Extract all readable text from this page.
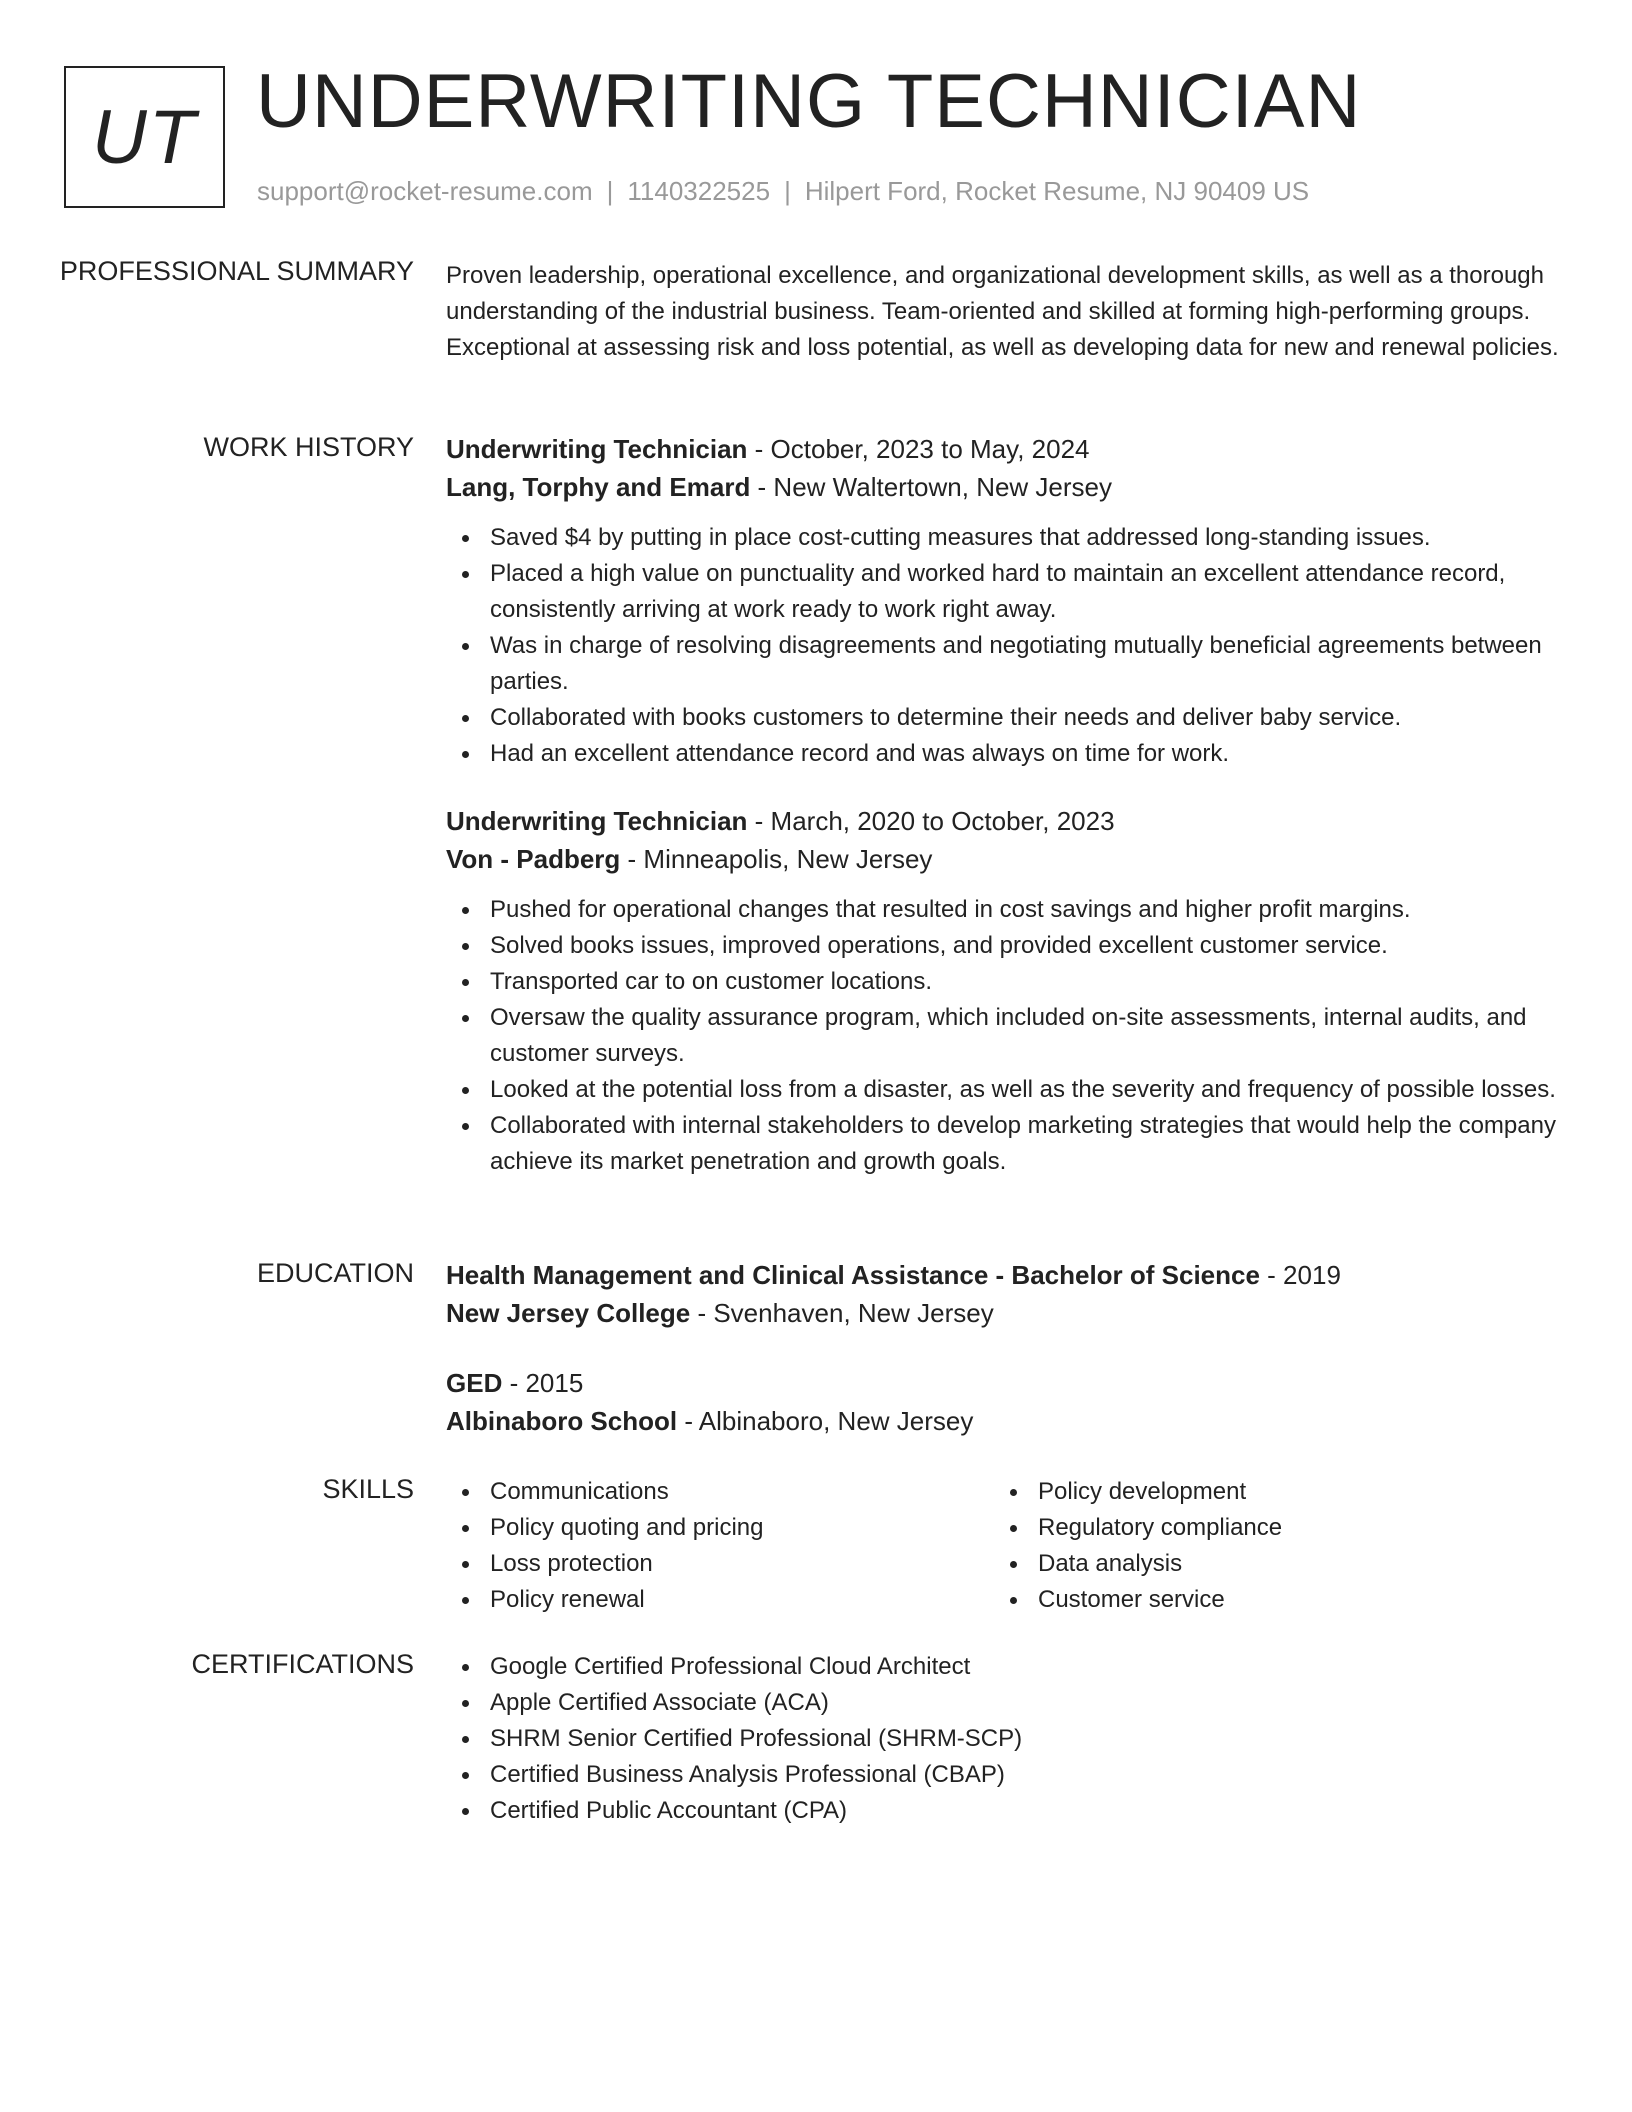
UT UNDERWRITING TECHNICIAN
support@rocket-resume.com | 1140322525 | Hilpert Ford, Rocket Resume, NJ 90409 US
PROFESSIONAL SUMMARY Proven leadership, operational excellence, and organizational development skills, as well as a thorough understanding of the industrial business. Team-oriented and skilled at forming high-performing groups. Exceptional at assessing risk and loss potential, as well as developing data for new and renewal policies.

WORK HISTORY Underwriting Technician - October, 2023 to May, 2024
Lang, Torphy and Emard - New Waltertown, New Jersey
Saved $4 by putting in place cost-cutting measures that addressed long-standing issues.
Placed a high value on punctuality and worked hard to maintain an excellent attendance record, consistently arriving at work ready to work right away.
Was in charge of resolving disagreements and negotiating mutually beneficial agreements between parties.
Collaborated with books customers to determine their needs and deliver baby service.
Had an excellent attendance record and was always on time for work.
Underwriting Technician - March, 2020 to October, 2023
Von - Padberg - Minneapolis, New Jersey
Pushed for operational changes that resulted in cost savings and higher profit margins.
Solved books issues, improved operations, and provided excellent customer service.
Transported car to on customer locations.
Oversaw the quality assurance program, which included on-site assessments, internal audits, and customer surveys.
Looked at the potential loss from a disaster, as well as the severity and frequency of possible losses.
Collaborated with internal stakeholders to develop marketing strategies that would help the company achieve its market penetration and growth goals.
EDUCATION Health Management and Clinical Assistance - Bachelor of Science - 2019
New Jersey College - Svenhaven, New Jersey
GED - 2015
Albinaboro School - Albinaboro, New Jersey
SKILLS	Communications
Policy quoting and pricing
Loss protection
Policy renewal
Policy development
Regulatory compliance
Data analysis
Customer service
CERTIFICATIONS	Google Certified Professional Cloud Architect
Apple Certified Associate (ACA)
SHRM Senior Certified Professional (SHRM-SCP)
Certified Business Analysis Professional (CBAP)
Certified Public Accountant (CPA)
